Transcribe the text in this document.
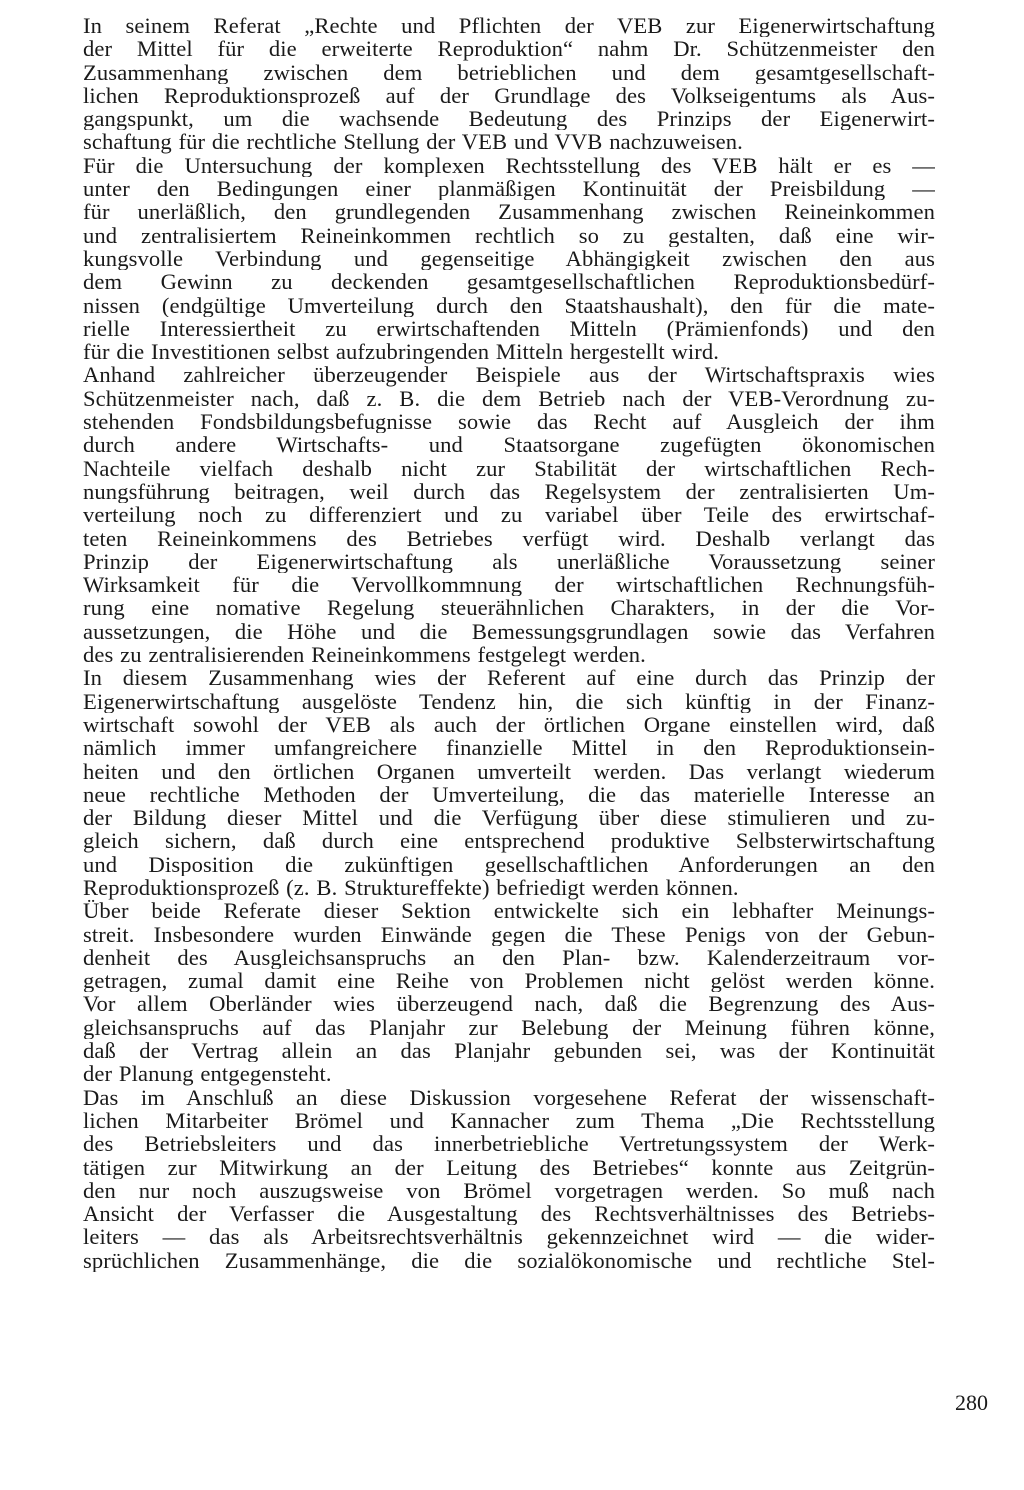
In seinem Referat „Rechte und Pflichten der VEB zur Eigenerwirtschaftung
der Mittel für die erweiterte Reproduktion“ nahm Dr. Schützenmeister den
Zusammenhang zwischen dem betrieblichen und dem gesamtgesellschaft-
lichen Reproduktionsprozeß auf der Grundlage des Volkseigentums als Aus-
gangspunkt, um die wachsende Bedeutung des Prinzips der Eigenerwirt-
schaftung für die rechtliche Stellung der VEB und VVB nachzuweisen.
Für die Untersuchung der komplexen Rechtsstellung des VEB hält er es —
unter den Bedingungen einer planmäßigen Kontinuität der Preisbildung —
für unerläßlich, den grundlegenden Zusammenhang zwischen Reineinkommen
und zentralisiertem Reineinkommen rechtlich so zu gestalten, daß eine wir-
kungsvolle Verbindung und gegenseitige Abhängigkeit zwischen den aus
dem Gewinn zu deckenden gesamtgesellschaftlichen Reproduktionsbedürf-
nissen (endgültige Umverteilung durch den Staatshaushalt), den für die mate-
rielle Interessiertheit zu erwirtschaftenden Mitteln (Prämienfonds) und den
für die Investitionen selbst aufzubringenden Mitteln hergestellt wird.
Anhand zahlreicher überzeugender Beispiele aus der Wirtschaftspraxis wies
Schützenmeister nach, daß z. B. die dem Betrieb nach der VEB-Verordnung zu-
stehenden Fondsbildungsbefugnisse sowie das Recht auf Ausgleich der ihm
durch andere Wirtschafts- und Staatsorgane zugefügten ökonomischen
Nachteile vielfach deshalb nicht zur Stabilität der wirtschaftlichen Rech-
nungsführung beitragen, weil durch das Regelsystem der zentralisierten Um-
verteilung noch zu differenziert und zu variabel über Teile des erwirtschaf-
teten Reineinkommens des Betriebes verfügt wird. Deshalb verlangt das
Prinzip der Eigenerwirtschaftung als unerläßliche Voraussetzung seiner
Wirksamkeit für die Vervollkommnung der wirtschaftlichen Rechnungsfüh-
rung eine nomative Regelung steuerähnlichen Charakters, in der die Vor-
aussetzungen, die Höhe und die Bemessungsgrundlagen sowie das Verfahren
des zu zentralisierenden Reineinkommens festgelegt werden.
In diesem Zusammenhang wies der Referent auf eine durch das Prinzip der
Eigenerwirtschaftung ausgelöste Tendenz hin, die sich künftig in der Finanz-
wirtschaft sowohl der VEB als auch der örtlichen Organe einstellen wird, daß
nämlich immer umfangreichere finanzielle Mittel in den Reproduktionsein-
heiten und den örtlichen Organen umverteilt werden. Das verlangt wiederum
neue rechtliche Methoden der Umverteilung, die das materielle Interesse an
der Bildung dieser Mittel und die Verfügung über diese stimulieren und zu-
gleich sichern, daß durch eine entsprechend produktive Selbsterwirtschaftung
und Disposition die zukünftigen gesellschaftlichen Anforderungen an den
Reproduktionsprozeß (z. B. Struktureffekte) befriedigt werden können.
Über beide Referate dieser Sektion entwickelte sich ein lebhafter Meinungs-
streit. Insbesondere wurden Einwände gegen die These Penigs von der Gebun-
denheit des Ausgleichsanspruchs an den Plan- bzw. Kalenderzeitraum vor-
getragen, zumal damit eine Reihe von Problemen nicht gelöst werden könne.
Vor allem Oberländer wies überzeugend nach, daß die Begrenzung des Aus-
gleichsanspruchs auf das Planjahr zur Belebung der Meinung führen könne,
daß der Vertrag allein an das Planjahr gebunden sei, was der Kontinuität
der Planung entgegensteht.
Das im Anschluß an diese Diskussion vorgesehene Referat der wissenschaft-
lichen Mitarbeiter Brömel und Kannacher zum Thema „Die Rechtsstellung
des Betriebsleiters und das innerbetriebliche Vertretungssystem der Werk-
tätigen zur Mitwirkung an der Leitung des Betriebes“ konnte aus Zeitgrün-
den nur noch auszugsweise von Brömel vorgetragen werden. So muß nach
Ansicht der Verfasser die Ausgestaltung des Rechtsverhältnisses des Betriebs-
leiters — das als Arbeitsrechtsverhältnis gekennzeichnet wird — die wider-
sprüchlichen Zusammenhänge, die die sozialökonomische und rechtliche Stel-
280
